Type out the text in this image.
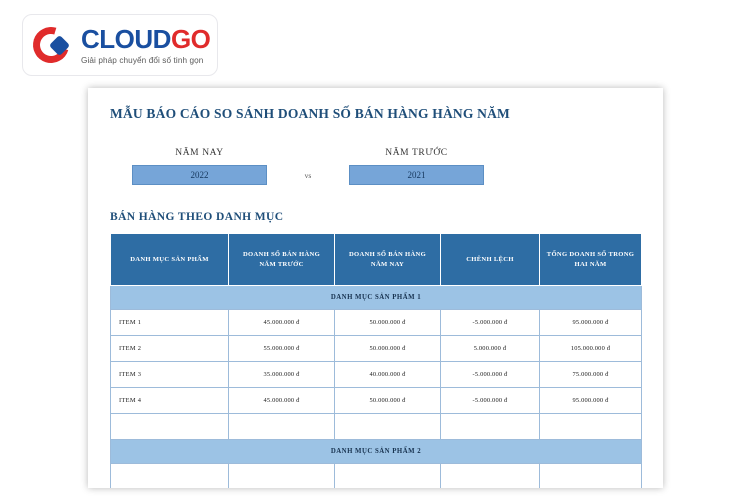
CLOUDGO
Giải pháp chuyển đổi số tinh gọn
MẪU BÁO CÁO SO SÁNH DOANH SỐ BÁN HÀNG HÀNG NĂM
NĂM NAY
2022	vs
NĂM TRƯỚC
2021
BÁN HÀNG THEO DANH MỤC
DANH MỤC SẢN PHẨM	DOANH SỐ BÁN HÀNG NĂM TRƯỚC	DOANH SỐ BÁN HÀNG NĂM NAY	CHÊNH LỆCH	TỔNG DOANH SỐ TRONG HAI NĂM
DANH MỤC SẢN PHẨM 1				
ITEM 1	45.000.000 đ	50.000.000 đ	-5.000.000 đ	95.000.000 đ
ITEM 2	55.000.000 đ	50.000.000 đ	5.000.000 đ	105.000.000 đ
ITEM 3	35.000.000 đ	40.000.000 đ	-5.000.000 đ	75.000.000 đ
ITEM 4	45.000.000 đ	50.000.000 đ	-5.000.000 đ	95.000.000 đ

DANH MỤC SẢN PHẨM 2				
